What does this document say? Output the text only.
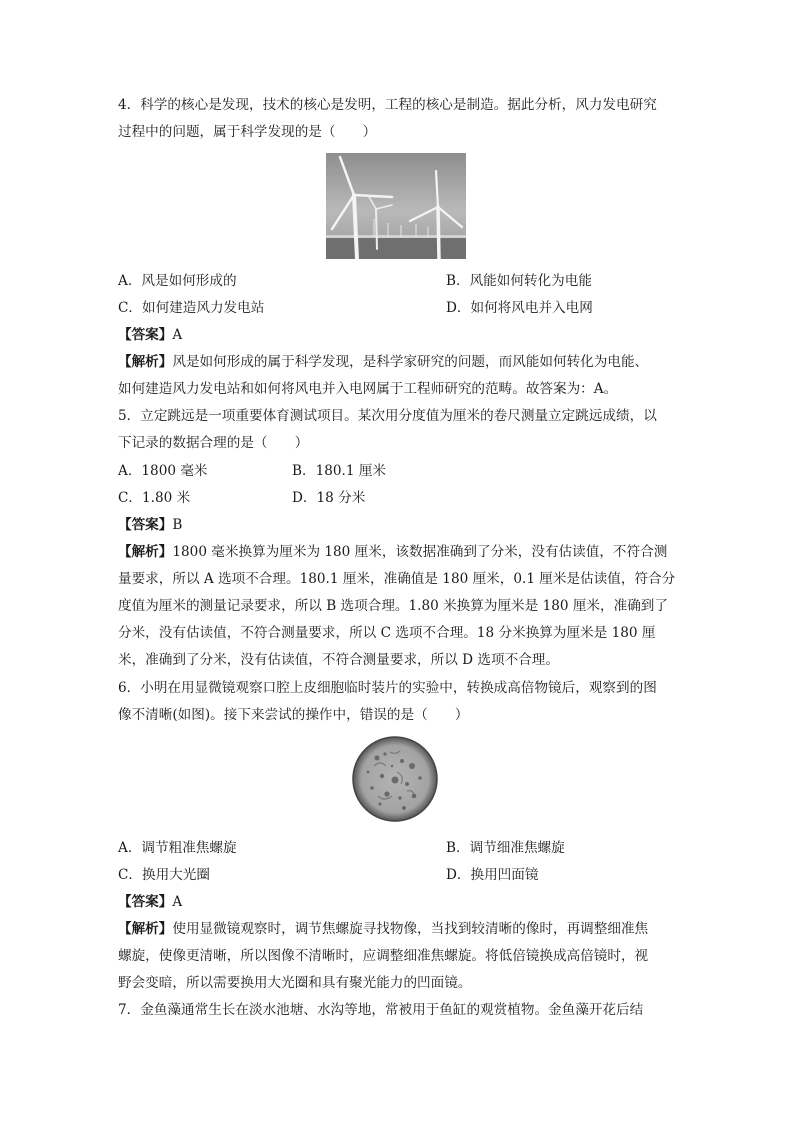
4．科学的核心是发现，技术的核心是发明，工程的核心是制造。据此分析，风力发电研究
过程中的问题，属于科学发现的是（　　）
A．风是如何形成的	B．风能如何转化为电能
C．如何建造风力发电站	D．如何将风电并入电网
【答案】A
【解析】风是如何形成的属于科学发现，是科学家研究的问题，而风能如何转化为电能、
如何建造风力发电站和如何将风电并入电网属于工程师研究的范畴。故答案为：A。
5．立定跳远是一项重要体育测试项目。某次用分度值为厘米的卷尺测量立定跳远成绩，以
下记录的数据合理的是（　　）
A．1800 毫米	B．180.1 厘米
C．1.80 米	D．18 分米
【答案】B
【解析】1800 毫米换算为厘米为 180 厘米，该数据准确到了分米，没有估读值，不符合测
量要求，所以 A 选项不合理。180.1 厘米，准确值是 180 厘米，0.1 厘米是估读值，符合分
度值为厘米的测量记录要求，所以 B 选项合理。1.80 米换算为厘米是 180 厘米，准确到了
分米，没有估读值，不符合测量要求，所以 C 选项不合理。18 分米换算为厘米是 180 厘
米，准确到了分米，没有估读值，不符合测量要求，所以 D 选项不合理。
6．小明在用显微镜观察口腔上皮细胞临时装片的实验中，转换成高倍物镜后，观察到的图
像不清晰(如图)。接下来尝试的操作中，错误的是（　　）
A．调节粗准焦螺旋	B．调节细准焦螺旋
C．换用大光圈	D．换用凹面镜
【答案】A
【解析】使用显微镜观察时，调节焦螺旋寻找物像，当找到较清晰的像时，再调整细准焦
螺旋，使像更清晰，所以图像不清晰时，应调整细准焦螺旋。将低倍镜换成高倍镜时，视
野会变暗，所以需要换用大光圈和具有聚光能力的凹面镜。
7．金鱼藻通常生长在淡水池塘、水沟等地，常被用于鱼缸的观赏植物。金鱼藻开花后结
